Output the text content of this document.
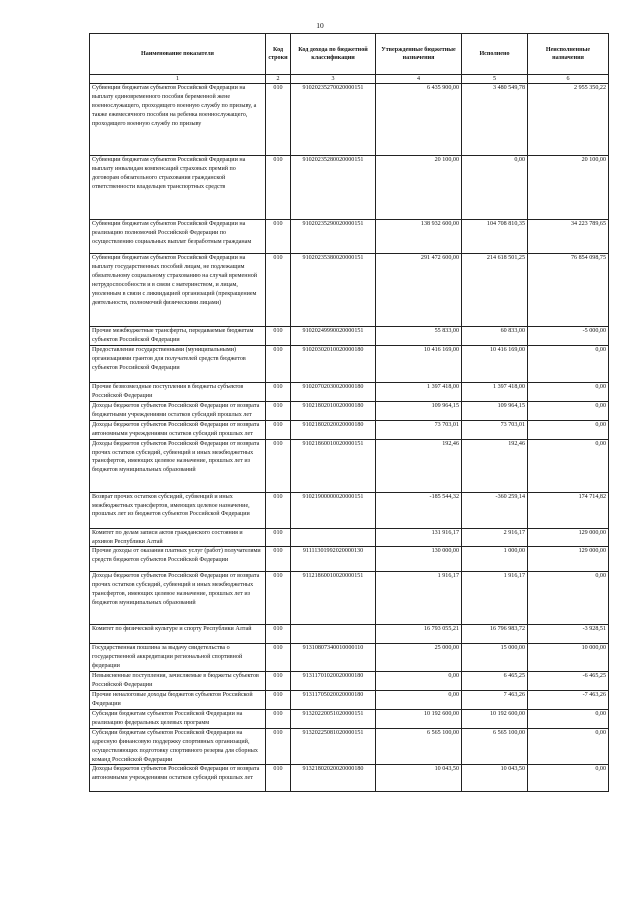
10
Наименование показателя	Код строки	Код дохода по бюджетной классификации	Утвержденные бюджетные назначения	Исполнено	Неисполненные назначения
1	2	3	4	5	6
Субвенции бюджетам субъектов Российской Федерации на выплату единовременного пособия беременной жене военнослужащего, проходящего военную службу по призыву, а также ежемесячного пособия на ребенка военнослужащего, проходящего военную службу по призыву	010	91020235270020000151	6 435 900,00	3 480 549,78	2 955 350,22
Субвенции бюджетам субъектов Российской Федерации на выплату инвалидам компенсаций страховых премий по договорам обязательного страхования гражданской ответственности владельцев транспортных средств	010	91020235280020000151	20 100,00	0,00	20 100,00
Субвенции бюджетам субъектов Российской Федерации на реализацию полномочий Российской Федерации по осуществлению социальных выплат безработным гражданам	010	91020235290020000151	138 932 600,00	104 708 810,35	34 223 789,65
Субвенции бюджетам субъектов Российской Федерации на выплату государственных пособий лицам, не подлежащим обязательному социальному страхованию на случай временной нетрудоспособности и в связи с материнством, и лицам, уволенным в связи с ликвидацией организаций (прекращением деятельности, полномочий физическими лицами)	010	91020235380020000151	291 472 600,00	214 618 501,25	76 854 098,75
Прочие межбюджетные трансферты, передаваемые бюджетам субъектов Российской Федерации	010	91020249990020000151	55 833,00	60 833,00	-5 000,00
Предоставление государственными (муниципальными) организациями грантов для получателей средств бюджетов субъектов Российской Федерации	010	91020302010020000180	10 416 169,00	10 416 169,00	0,00
Прочие безвозмездные поступления в бюджеты субъектов Российской Федерации	010	91020702030020000180	1 397 418,00	1 397 418,00	0,00
Доходы бюджетов субъектов Российской Федерации от возврата бюджетными учреждениями остатков субсидий прошлых лет	010	91021802010020000180	109 964,15	109 964,15	0,00
Доходы бюджетов субъектов Российской Федерации от возврата автономными учреждениями остатков субсидий прошлых лет	010	91021802020020000180	73 703,01	73 703,01	0,00
Доходы бюджетов субъектов Российской Федерации от возврата прочих остатков субсидий, субвенций и иных межбюджетных трансфертов, имеющих целевое назначение, прошлых лет из бюджетов муниципальных образований	010	91021860010020000151	192,46	192,46	0,00
Возврат прочих остатков субсидий, субвенций и иных межбюджетных трансфертов, имеющих целевое назначение, прошлых лет из бюджетов субъектов Российской Федерации	010	91021900000020000151	-185 544,32	-360 259,14	174 714,82
Комитет по делам записи актов гражданского состояния и архивов Республики Алтай	010		131 916,17	2 916,17	129 000,00
Прочие доходы от оказания платных услуг (работ) получателями средств бюджетов субъектов Российской Федерации	010	91111301992020000130	130 000,00	1 000,00	129 000,00
Доходы бюджетов субъектов Российской Федерации от возврата прочих остатков субсидий, субвенций и иных межбюджетных трансфертов, имеющих целевое назначение, прошлых лет из бюджетов муниципальных образований	010	91121860010020000151	1 916,17	1 916,17	0,00
Комитет по физической культуре и спорту Республики Алтай	010		16 793 055,21	16 796 983,72	-3 928,51
Государственная пошлина за выдачу свидетельства о государственной аккредитации региональной спортивной федерации	010	91310807340010000110	25 000,00	15 000,00	10 000,00
Невыясненные поступления, зачисляемые в бюджеты субъектов Российской Федерации	010	91311701020020000180	0,00	6 465,25	-6 465,25
Прочие неналоговые доходы бюджетов субъектов Российской Федерации	010	91311705020020000180	0,00	7 463,26	-7 463,26
Субсидии бюджетам субъектов Российской Федерации на реализацию федеральных целевых программ	010	91320220051020000151	10 192 600,00	10 192 600,00	0,00
Субсидии бюджетам субъектов Российской Федерации на адресную финансовую поддержку спортивных организаций, осуществляющих подготовку спортивного резерва для сборных команд Российской Федерации	010	91320225081020000151	6 565 100,00	6 565 100,00	0,00
Доходы бюджетов субъектов Российской Федерации от возврата автономными учреждениями остатков субсидий прошлых лет	010	91321802020020000180	10 043,50	10 043,50	0,00
